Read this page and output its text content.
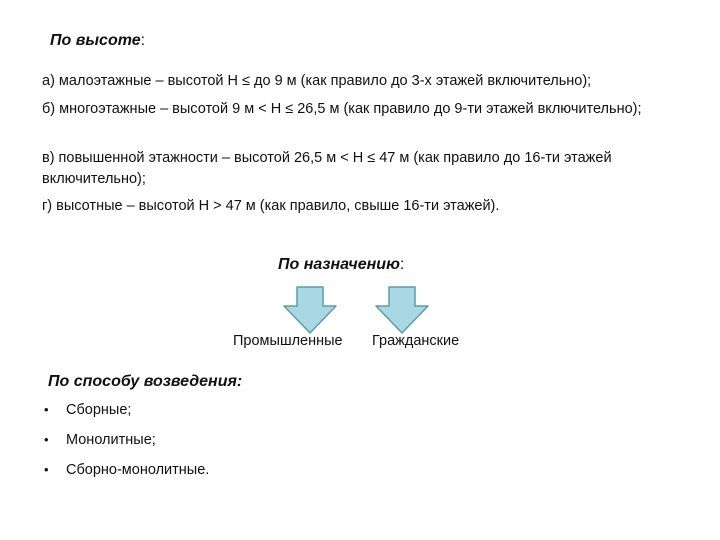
По высоте:
а) малоэтажные – высотой H ≤ до 9 м (как правило до 3-х этажей включительно);
б) многоэтажные – высотой 9 м < H ≤ 26,5 м (как правило до 9-ти этажей включительно);
в) повышенной этажности – высотой 26,5 м < H ≤ 47 м (как правило до 16-ти этажей включительно);
г) высотные – высотой H > 47 м (как правило, свыше 16-ти этажей).
По назначению:
Промышленные Гражданские
По способу возведения:
• Сборные;
• Монолитные;
• Сборно-монолитные.
